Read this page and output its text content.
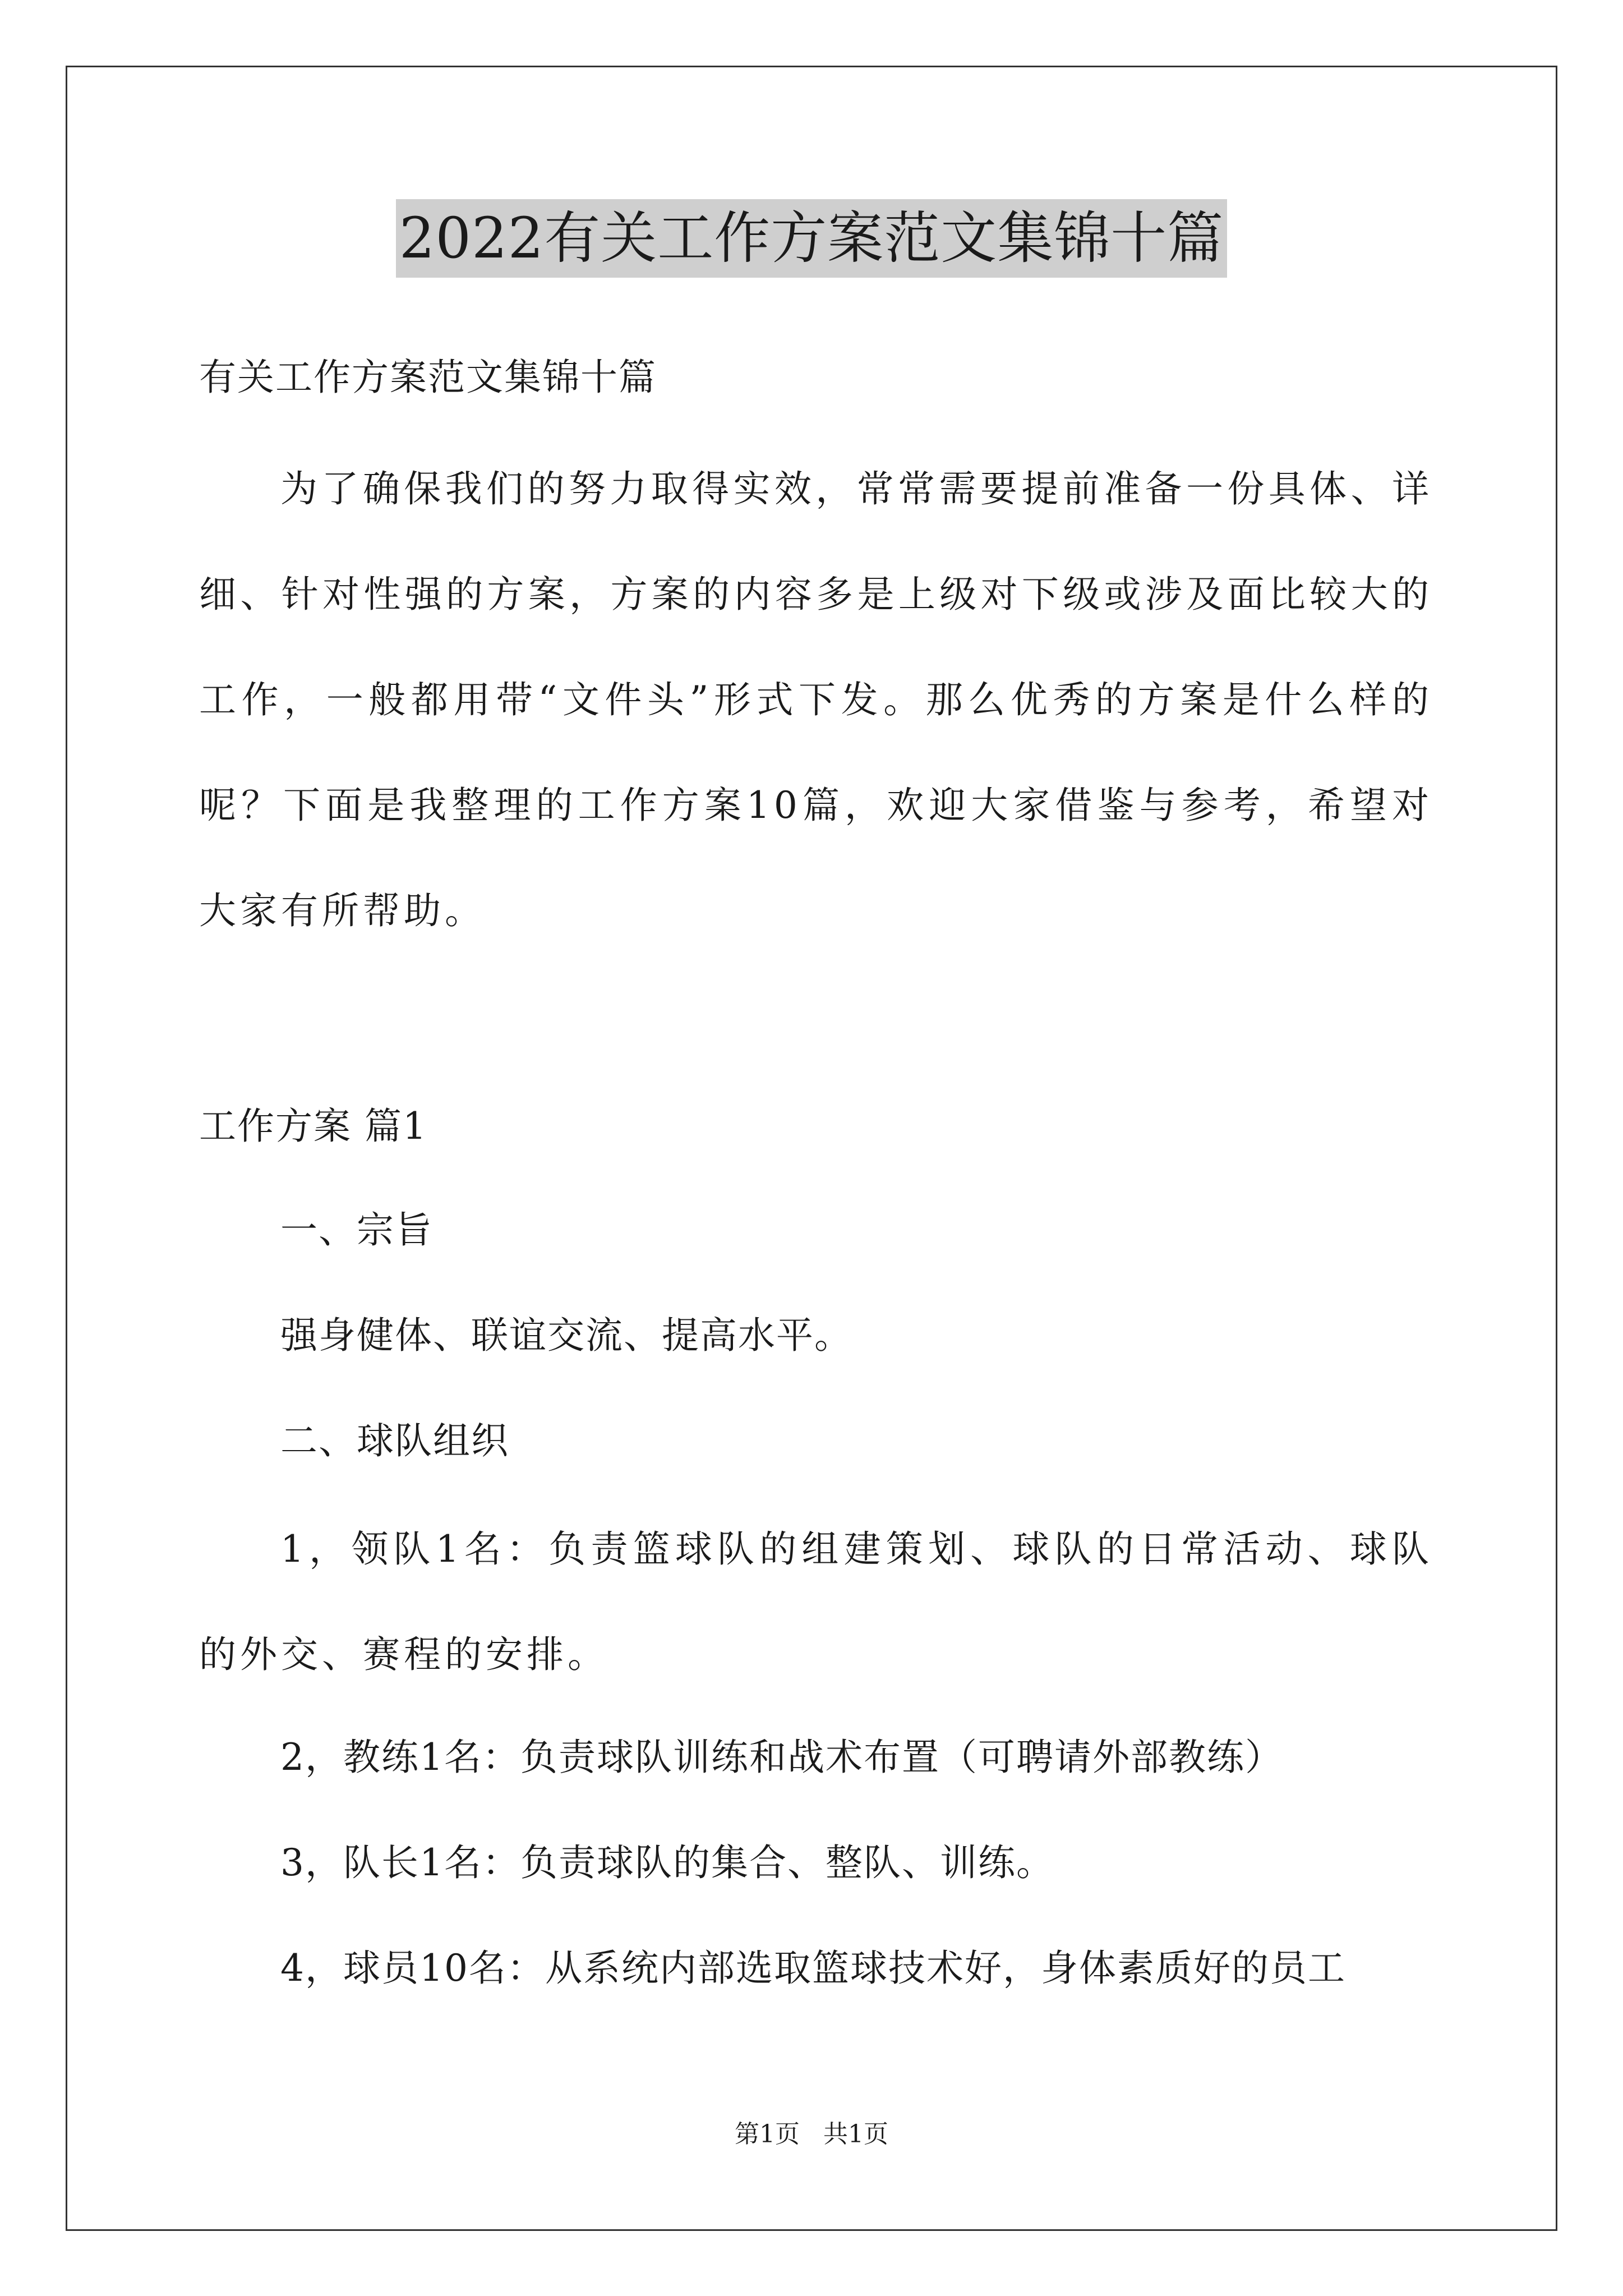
2022有关工作方案范文集锦十篇
有关工作方案范文集锦十篇
为了确保我们的努力取得实效，常常需要提前准备一份具体、详细、针对性强的方案，方案的内容多是上级对下级或涉及面比较大的工作，一般都用带“文件头”形式下发。那么优秀的方案是什么样的呢？下面是我整理的工作方案10篇，欢迎大家借鉴与参考，希望对大家有所帮助。
工作方案 篇1
一、宗旨
强身健体、联谊交流、提高水平。
二、球队组织
1，领队1名：负责篮球队的组建策划、球队的日常活动、球队的外交、赛程的安排。
2，教练1名：负责球队训练和战术布置（可聘请外部教练）
3，队长1名：负责球队的集合、整队、训练。
4，球员10名：从系统内部选取篮球技术好，身体素质好的员工
第1页   共1页
